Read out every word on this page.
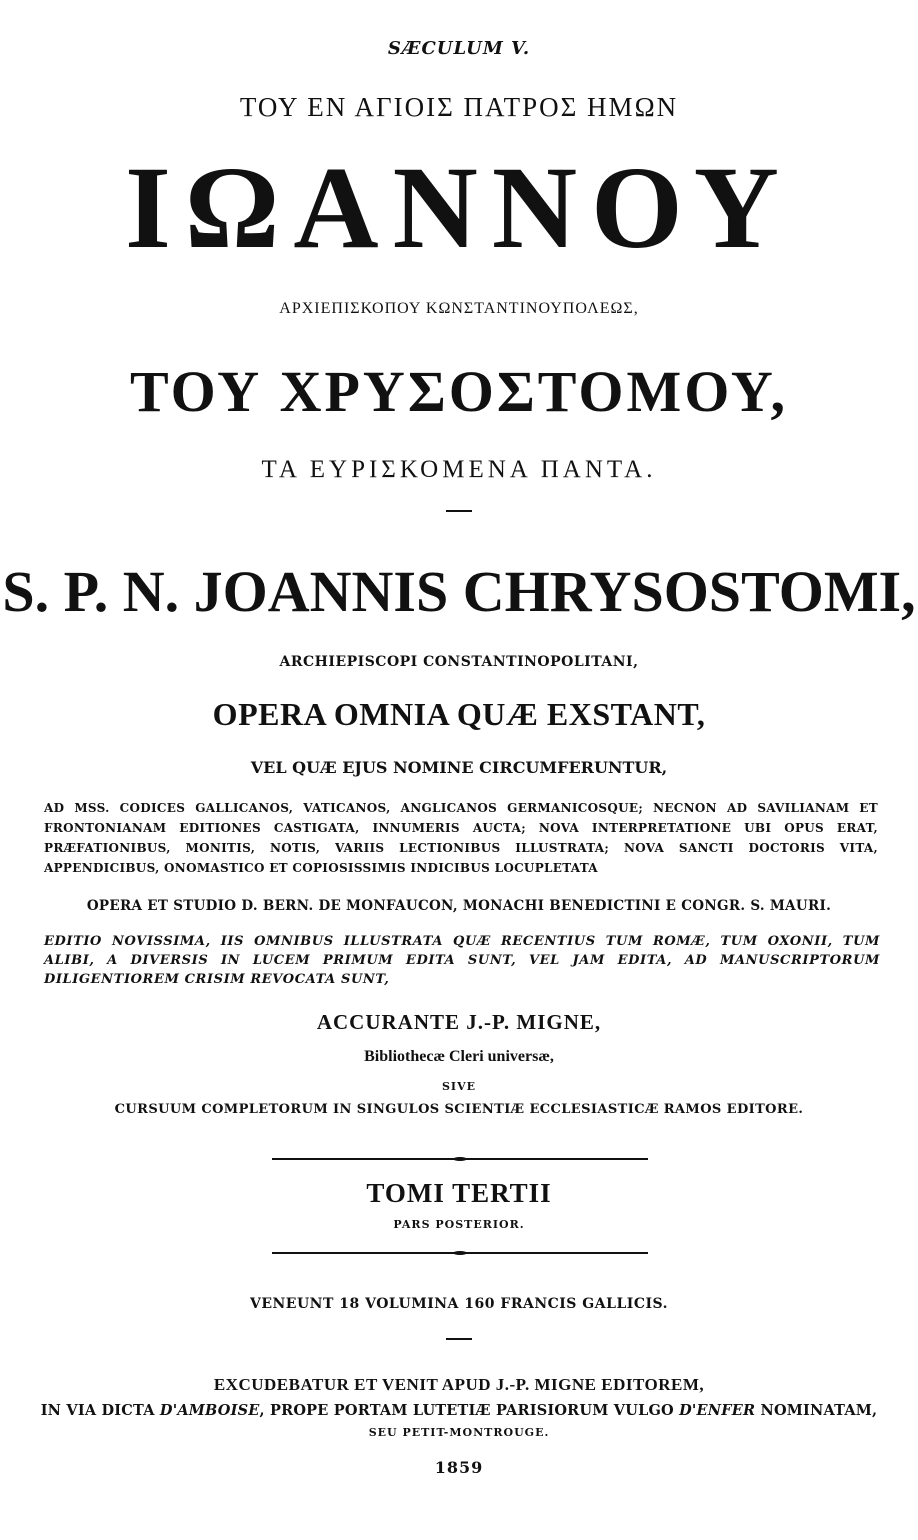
SÆCULUM V.
ΤΟΥ ΕΝ ΑΓΙΟΙΣ ΠΑΤΡΟΣ ΗΜΩΝ
ΙΩΑΝΝΟΥ
ΑΡΧΙΕΠΙΣΚΟΠΟΥ ΚΩΝΣΤΑΝΤΙΝΟΥΠΟΛΕΩΣ,
ΤΟΥ ΧΡΥΣΟΣΤΟΜΟΥ,
ΤΑ ΕΥΡΙΣΚΟΜΕΝΑ ΠΑΝΤΑ.
S. P. N. JOANNIS CHRYSOSTOMI,
ARCHIEPISCOPI CONSTANTINOPOLITANI,
OPERA OMNIA QUÆ EXSTANT,
VEL QUÆ EJUS NOMINE CIRCUMFERUNTUR,
AD MSS. CODICES GALLICANOS, VATICANOS, ANGLICANOS GERMANICOSQUE; NECNON AD SAVILIANAM ET FRONTONIANAM EDITIONES CASTIGATA, INNUMERIS AUCTA; NOVA INTERPRETATIONE UBI OPUS ERAT, PRÆFATIONIBUS, MONITIS, NOTIS, VARIIS LECTIONIBUS ILLUSTRATA; NOVA SANCTI DOCTORIS VITA, APPENDICIBUS, ONOMASTICO ET COPIOSISSIMIS INDICIBUS LOCUPLETATA
OPERA ET STUDIO D. BERN. DE MONFAUCON, MONACHI BENEDICTINI E CONGR. S. MAURI.
EDITIO NOVISSIMA, IIS OMNIBUS ILLUSTRATA QUÆ RECENTIUS TUM ROMÆ, TUM OXONII, TUM ALIBI, A DIVERSIS IN LUCEM PRIMUM EDITA SUNT, VEL JAM EDITA, AD MANUSCRIPTORUM DILIGENTIOREM CRISIM REVOCATA SUNT,
ACCURANTE J.-P. MIGNE,
Bibliothecæ Cleri universæ,
SIVE
CURSUUM COMPLETORUM IN SINGULOS SCIENTIÆ ECCLESIASTICÆ RAMOS EDITORE.
TOMI TERTII
PARS POSTERIOR.
VENEUNT 18 VOLUMINA 160 FRANCIS GALLICIS.
EXCUDEBATUR ET VENIT APUD J.-P. MIGNE EDITOREM,
IN VIA DICTA D'AMBOISE, PROPE PORTAM LUTETIÆ PARISIORUM VULGO D'ENFER NOMINATAM,
SEU PETIT-MONTROUGE.
1859
